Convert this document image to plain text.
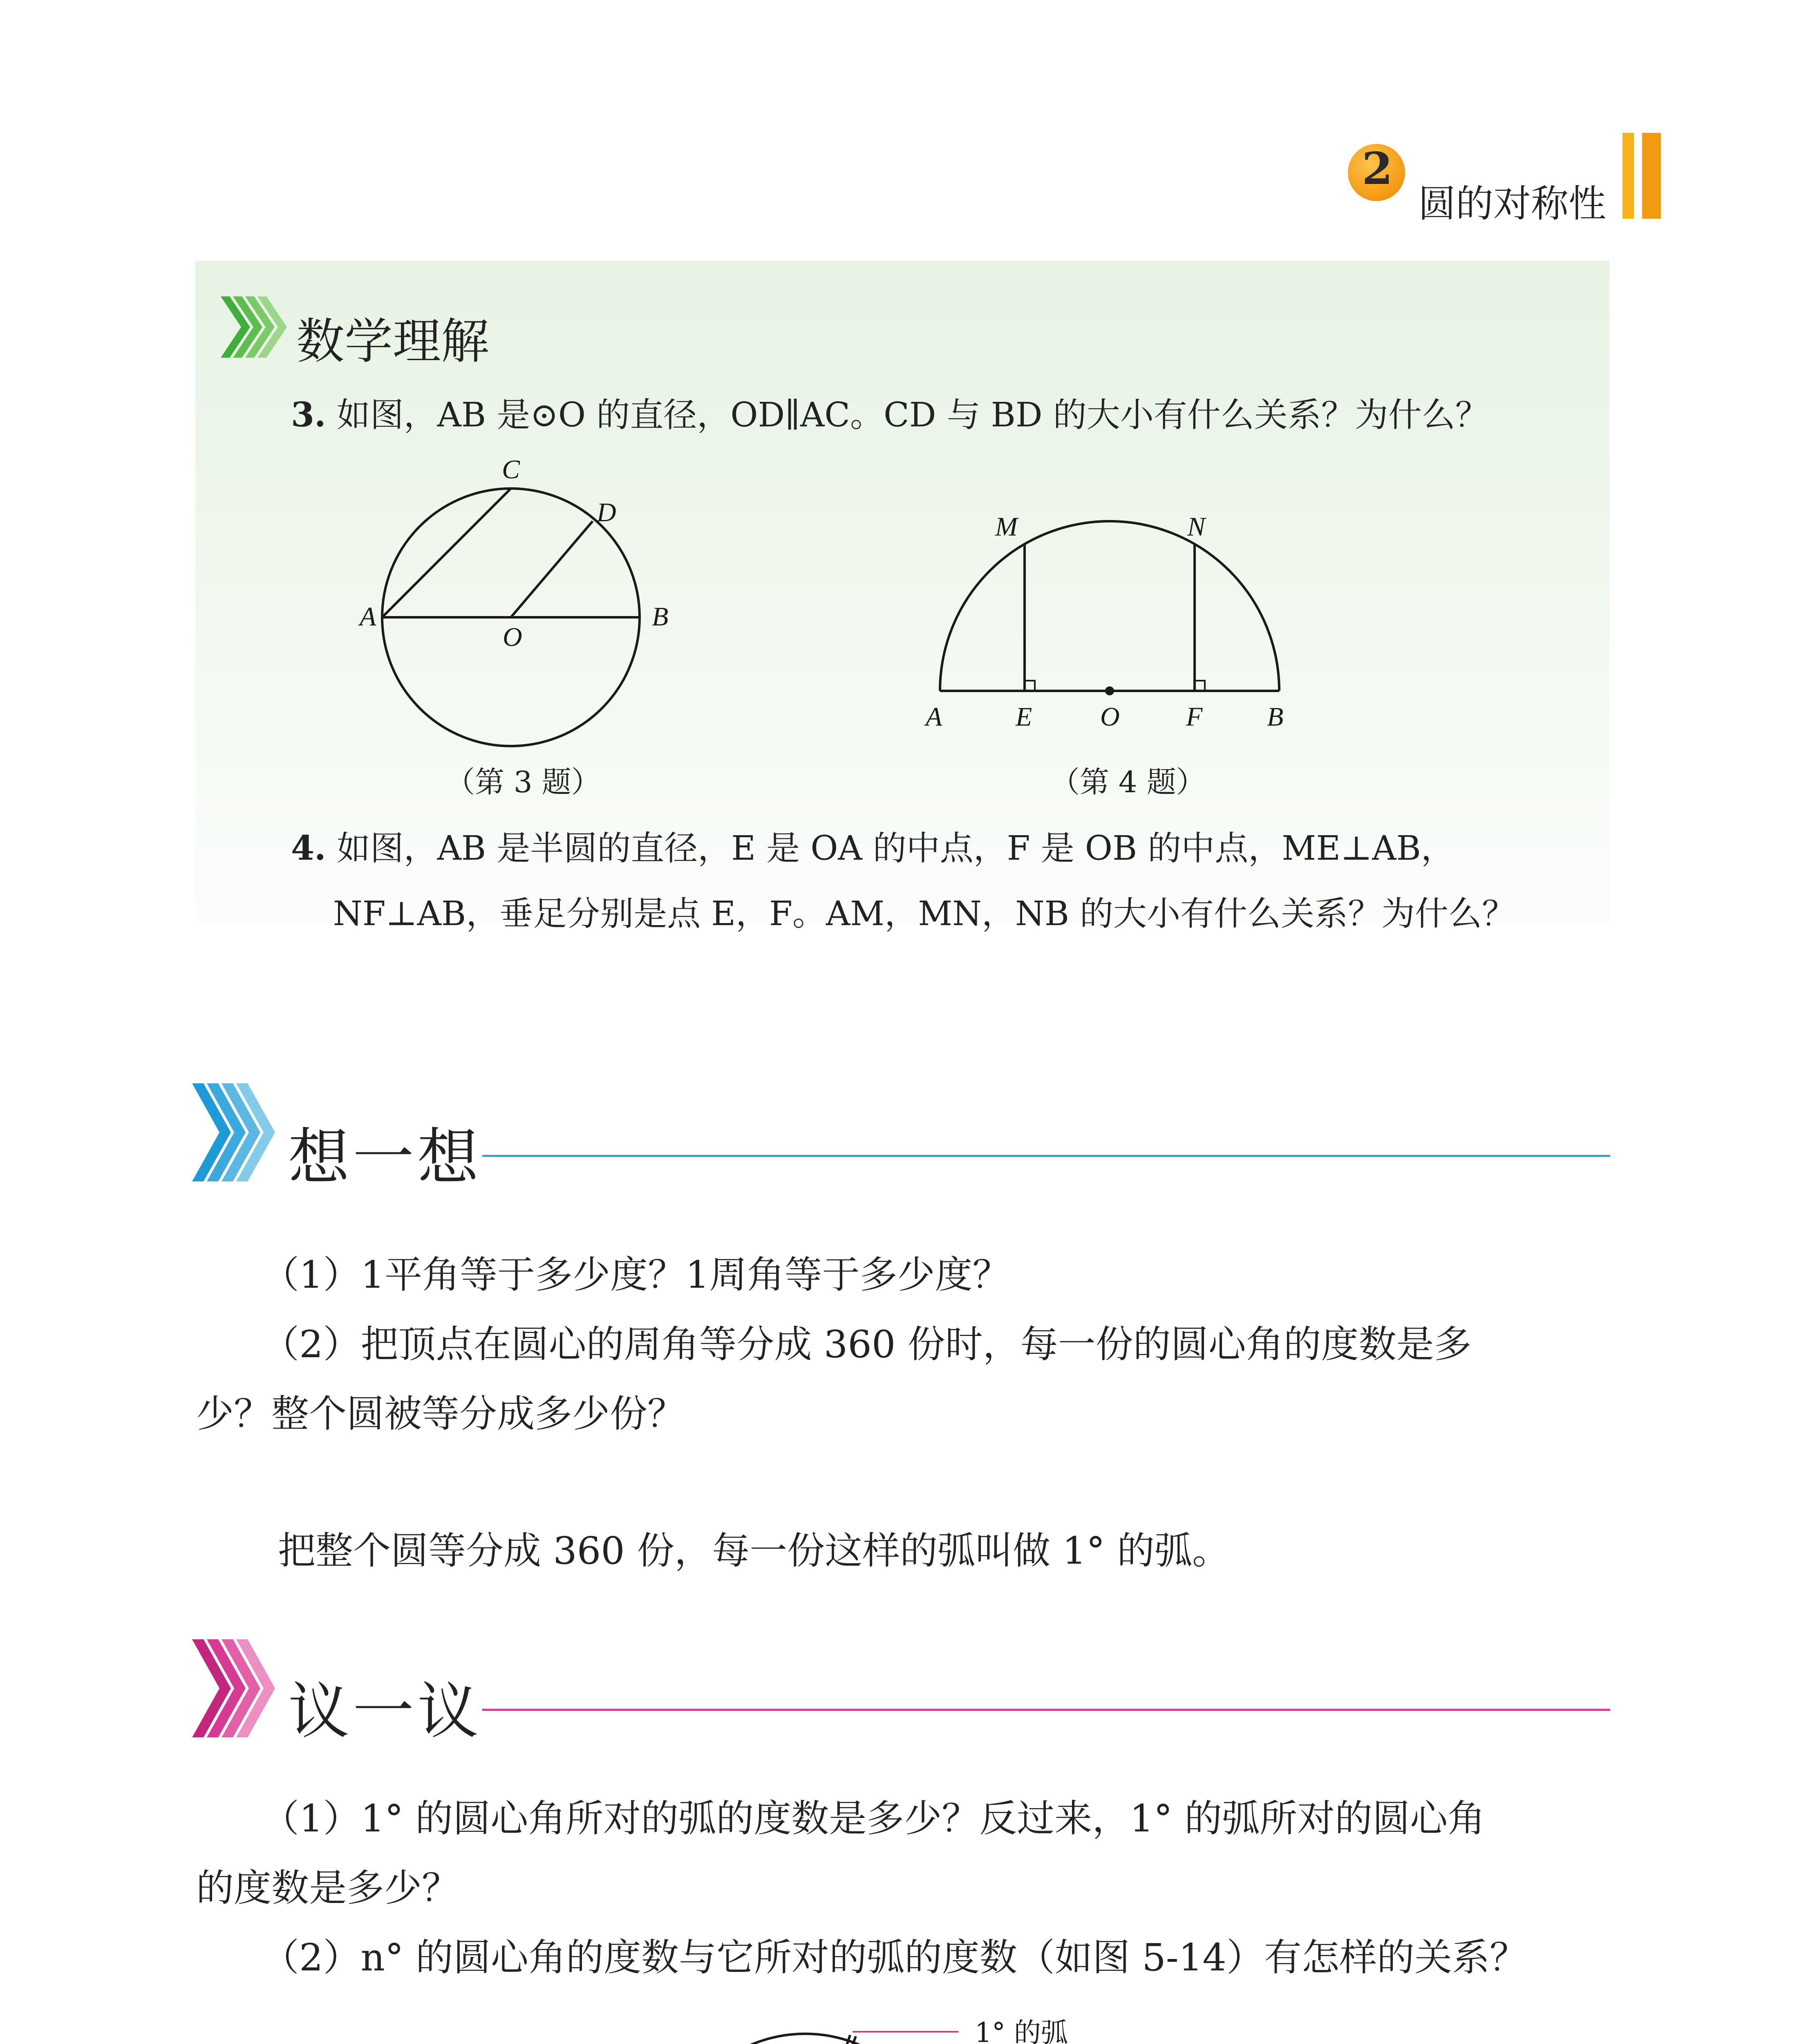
2
圆的对称性
数学理解
3. 如图，AB 是⊙O 的直径，OD∥AC。CD 与 BD 的大小有什么关系？为什么？
C
D
A
O
B
（第 3 题）
M	N
A	E	O F B
（第 4 题）
4. 如图，AB 是半圆的直径，E 是 OA 的中点，F 是 OB 的中点，ME⊥AB，
NF⊥AB，垂足分别是点 E，F。AM，MN，NB 的大小有什么关系？为什么？
想一想
（1）1平角等于多少度？1周角等于多少度？
（2）把顶点在圆心的周角等分成 360 份时，每一份的圆心角的度数是多
少？整个圆被等分成多少份？
把整个圆等分成 360 份，每一份这样的弧叫做 1° 的弧。
议一议
（1）1° 的圆心角所对的弧的度数是多少？反过来，1° 的弧所对的圆心角
的度数是多少？
（2）n° 的圆心角的度数与它所对的弧的度数（如图 5-14）有怎样的关系？
1° 的弧
